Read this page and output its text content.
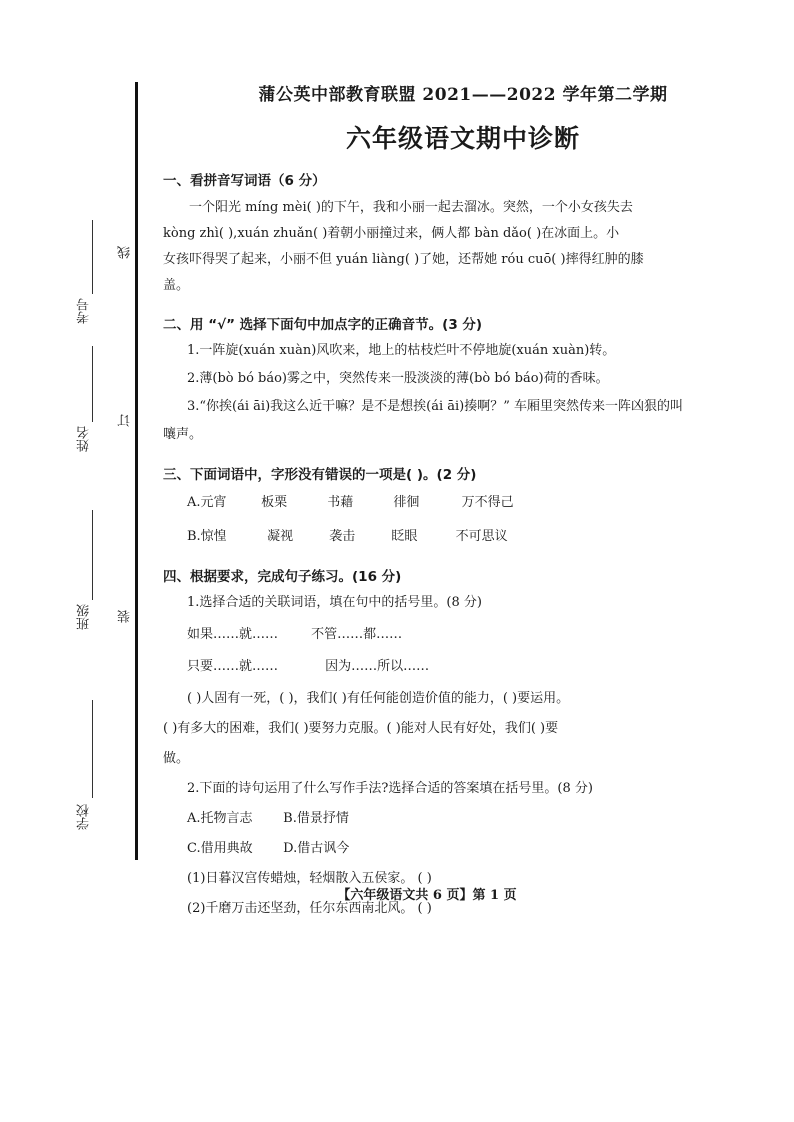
学校
班级
姓名
考号
线
订
装
蒲公英中部教育联盟 2021——2022 学年第二学期
六年级语文期中诊断
一、看拼音写词语（6 分）

一个阳光 míng mèi( )的下午，我和小丽一起去溜冰。突然，一个小女孩失去

kòng zhì( ),xuán zhuǎn( )着朝小丽撞过来，俩人都 bàn dǎo( )在冰面上。小

女孩吓得哭了起来，小丽不但 yuán liàng( )了她，还帮她 róu cuō( )摔得红肿的膝

盖。

二、用 “√” 选择下面句中加点字的正确音节。(3 分)

1.一阵旋(xuán xuàn)风吹来，地上的枯枝烂叶不停地旋(xuán xuàn)转。

2.薄(bò bó báo)雾之中，突然传来一股淡淡的薄(bò bó báo)荷的香味。

3.“你挨(ái āi)我这么近干嘛？是不是想挨(ái āi)揍啊？” 车厢里突然传来一阵凶狠的叫

嚷声。

三、下面词语中，字形没有错误的一项是( )。(2 分)

A.元宵	板栗	书藉	徘徊	万不得己

B.惊惶	凝视	袭击	眨眼	不可思议

四、根据要求，完成句子练习。(16 分)

1.选择合适的关联词语，填在句中的括号里。(8 分)

如果……就……	不管……都……

只要……就……	因为……所以……

( )人固有一死，( )，我们( )有任何能创造价值的能力，( )要运用。

( )有多大的困难，我们( )要努力克服。( )能对人民有好处，我们( )要

做。

2.下面的诗句运用了什么写作手法?选择合适的答案填在括号里。(8 分)

A.托物言志 B.借景抒情

C.借用典故 D.借古讽今

(1)日暮汉宫传蜡烛，轻烟散入五侯家。 ( )

(2)千磨万击还坚劲，任尔东西南北风。 ( )

【六年级语文共 6 页】第 1 页
